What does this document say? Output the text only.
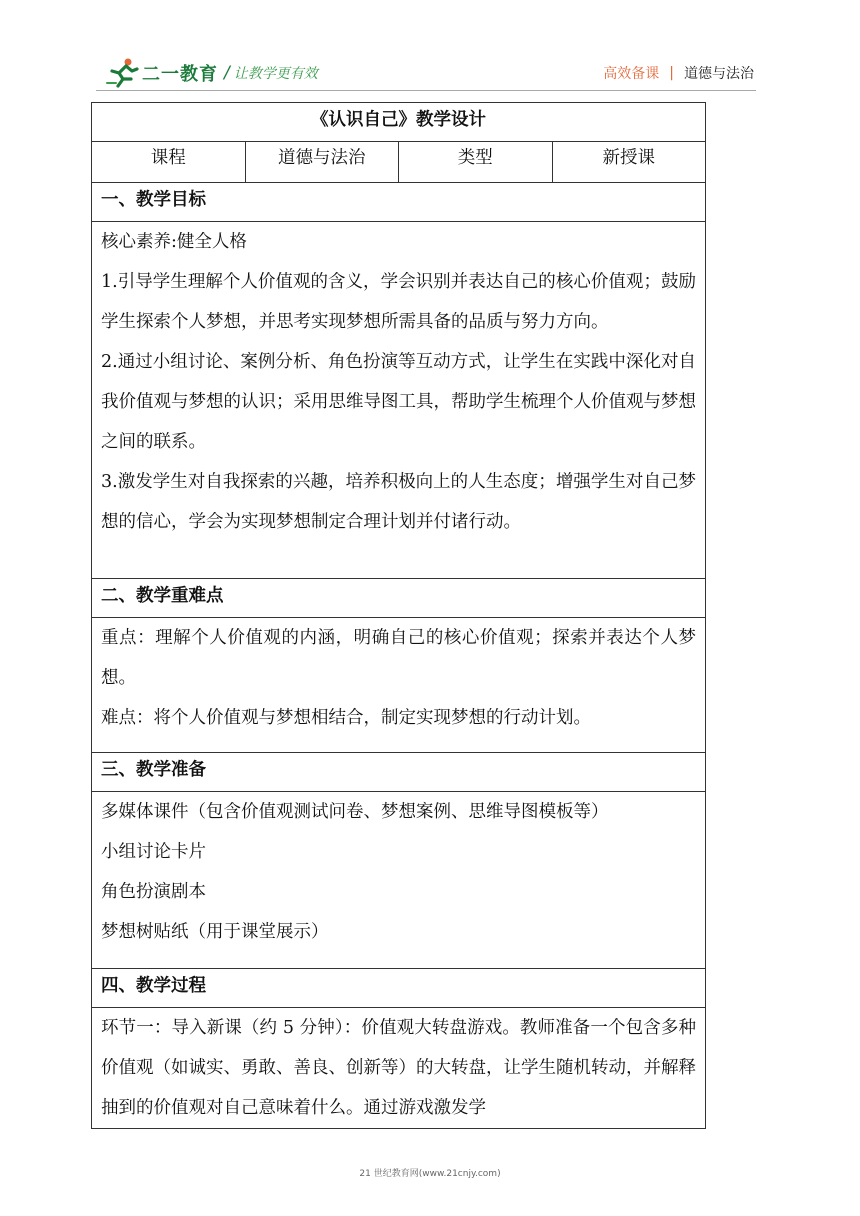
二一教育 / 让教学更有效	高效备课 | 道德与法治
《认识自己》教学设计
课程	道德与法治	类型	新授课
一、教学目标

核心素养:健全人格

1.引导学生理解个人价值观的含义，学会识别并表达自己的核心价值观；鼓励学生探索个人梦想，并思考实现梦想所需具备的品质与努力方向。

2.通过小组讨论、案例分析、角色扮演等互动方式，让学生在实践中深化对自我价值观与梦想的认识；采用思维导图工具，帮助学生梳理个人价值观与梦想之间的联系。

3.激发学生对自我探索的兴趣，培养积极向上的人生态度；增强学生对自己梦想的信心，学会为实现梦想制定合理计划并付诸行动。

二、教学重难点

重点：理解个人价值观的内涵，明确自己的核心价值观；探索并表达个人梦想。

难点：将个人价值观与梦想相结合，制定实现梦想的行动计划。

三、教学准备

多媒体课件（包含价值观测试问卷、梦想案例、思维导图模板等）

小组讨论卡片

角色扮演剧本

梦想树贴纸（用于课堂展示）

四、教学过程

环节一：导入新课（约 5 分钟）：价值观大转盘游戏。教师准备一个包含多种价值观（如诚实、勇敢、善良、创新等）的大转盘，让学生随机转动，并解释抽到的价值观对自己意味着什么。通过游戏激发学

21 世纪教育网(www.21cnjy.com)
